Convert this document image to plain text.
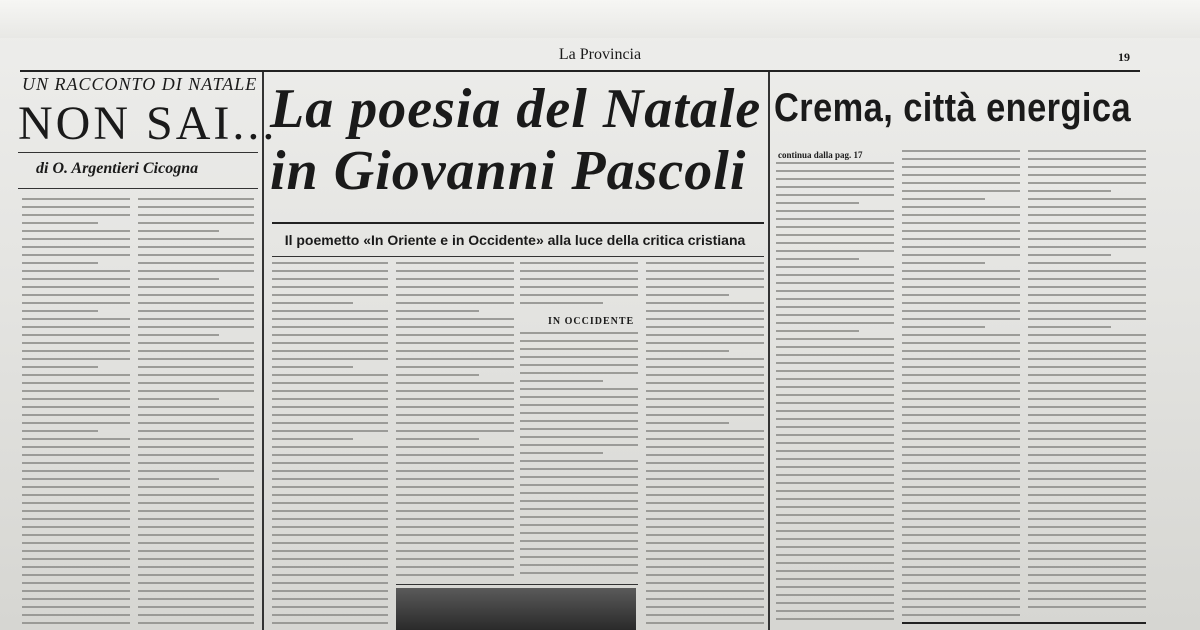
La Provincia	19
UN RACCONTO DI NATALE
NON SAI...
di O. Argentieri Cicogna
La poesia del Natale
in Giovanni Pascoli
Il poemetto «In Oriente e in Occidente» alla luce della critica cristiana
IN OCCIDENTE
Crema, città energica
continua dalla pag. 17
